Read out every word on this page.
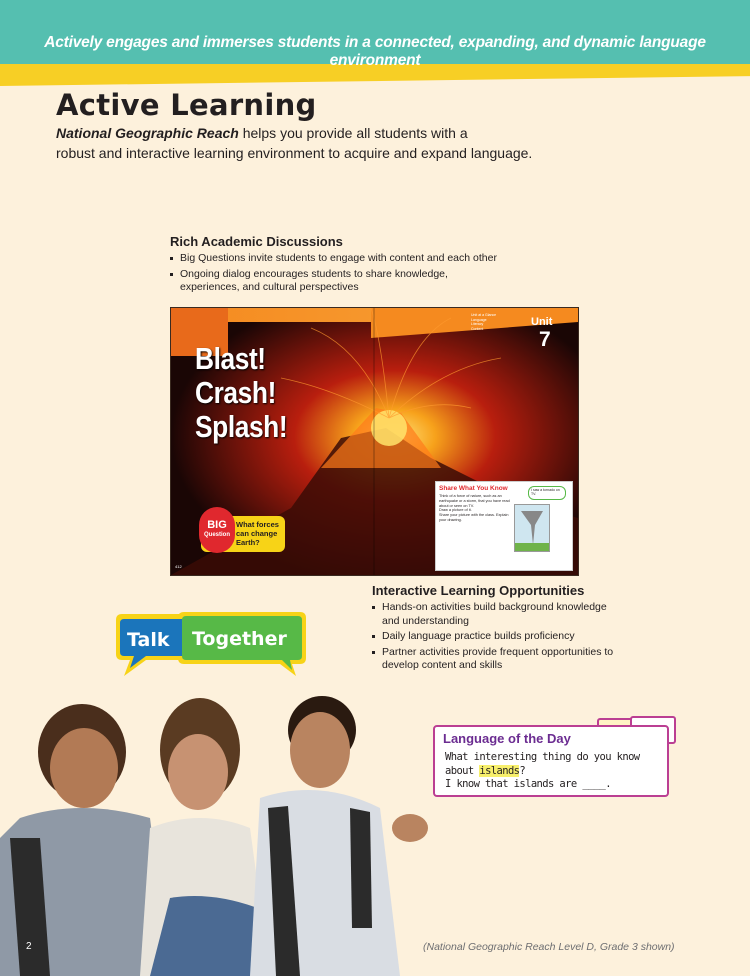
Actively engages and immerses students in a connected, expanding, and dynamic language environment
Active Learning
National Geographic Reach helps you provide all students with a
robust and interactive learning environment to acquire and expand language.
Rich Academic Discussions
Big Questions invite students to engage with content and each other
Ongoing dialog encourages students to share knowledge, experiences, and cultural perspectives
Unit at a Glance
Language
Literacy
Content
Unit
7
Blast!
Crash!
Splash!
BIG
Question
What forces
can change
Earth?
Share What You Know
Think of a force of nature, such as an earthquake or a storm, that you have read about or seen on TV.
Draw a picture of it.
Share your picture with the class. Explain your drawing.
I saw a tornado on TV.
412
Interactive Learning Opportunities
Hands-on activities build background knowledge and understanding
Daily language practice builds proficiency
Partner activities provide frequent opportunities to develop content and skills
Talk Together
Language of the Day
What interesting thing do you know
about islands?
I know that islands are ____.
2	(National Geographic Reach Level D, Grade 3 shown)
